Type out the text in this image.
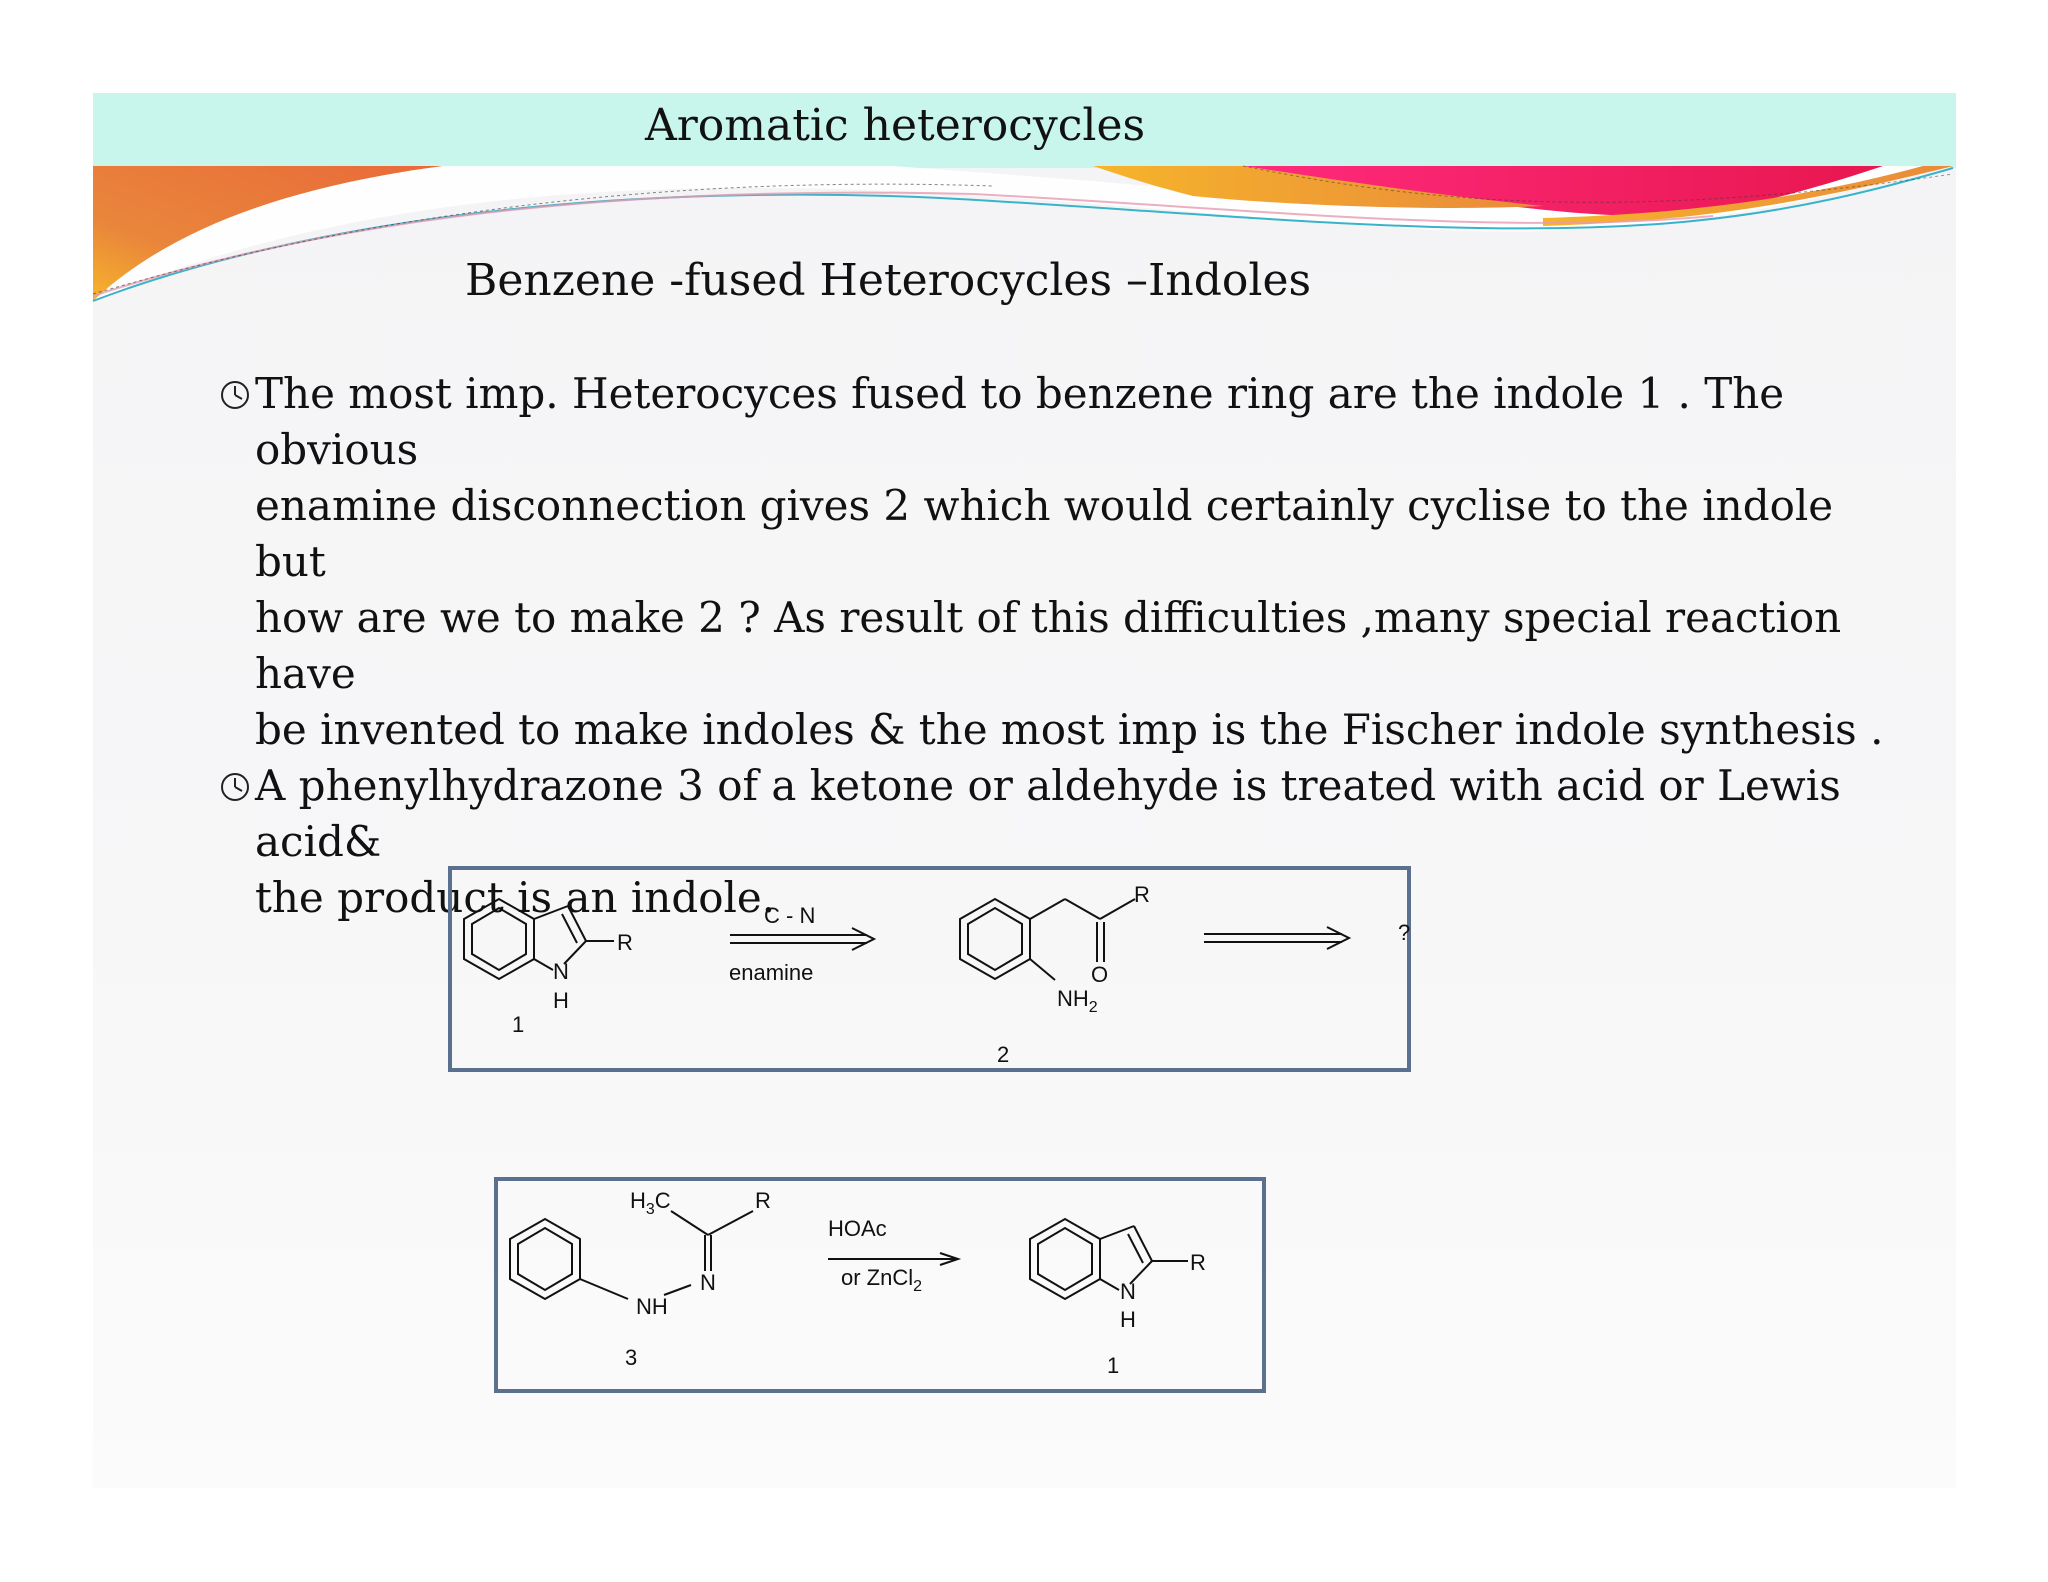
Aromatic heterocycles
Benzene -fused Heterocycles –Indoles
The most imp. Heterocyces fused to benzene ring are the indole 1 . The obvious
enamine disconnection gives 2 which would certainly cyclise to the indole but
how are we to make 2 ? As result of this difficulties ,many special reaction have
be invented to make indoles & the most imp is the Fischer indole synthesis .
A phenylhydrazone 3 of a ketone or aldehyde is treated with acid or Lewis acid&
the product is an indole.
R
N
H
1
C - N
enamine
R
O
$NH_2$
2
?
$H_3C$	R
N
NH
3
HOAc
or ZnCl$_2$
R
N
H
1
